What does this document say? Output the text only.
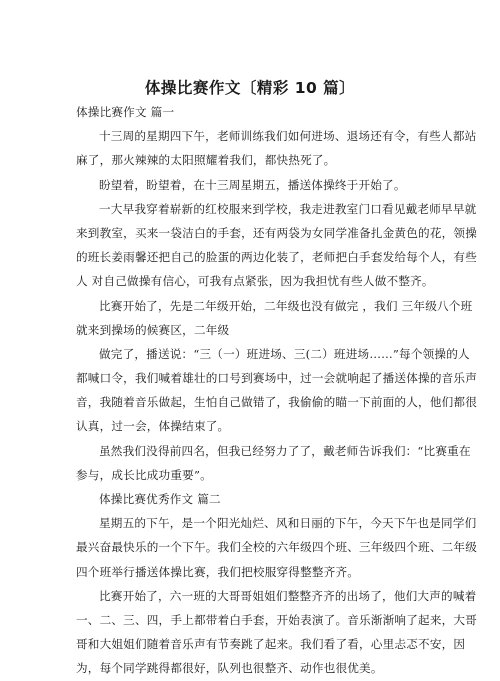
体操比赛作文〔精彩 10 篇〕
体操比赛作文 篇一
十三周的星期四下午，老师训练我们如何进场、退场还有令，有些人都站
麻了，那火辣辣的太阳照耀着我们，都快热死了。
盼望着，盼望着，在十三周星期五，播送体操终于开始了。
一大早我穿着崭新的红校服来到学校，我走进教室门口看见戴老师早早就
来到教室，买来一袋洁白的手套，还有两袋为女同学准备扎金黄色的花，领操
的班长姜雨馨还把自己的脸蛋的两边化装了，老师把白手套发给每个人，有些
人 对自己做操有信心，可我有点紧张，因为我担忧有些人做不整齐。
比赛开始了，先是二年级开始，二年级也没有做完 ，我们 三年级八个班
就来到操场的候赛区，二年级
做完了，播送说：“三（一）班进场、三(二）班进场……”每个领操的人
都喊口令，我们喊着雄壮的口号到赛场中，过一会就响起了播送体操的音乐声
音，我随着音乐做起，生怕自己做错了，我偷偷的瞄一下前面的人，他们都很
认真，过一会，体操结束了。
虽然我们没得前四名，但我已经努力了了，戴老师告诉我们：“比赛重在
参与，成长比成功重要”。
体操比赛优秀作文 篇二
星期五的下午，是一个阳光灿烂、风和日丽的下午，今天下午也是同学们
最兴奋最快乐的一个下午。我们全校的六年级四个班、三年级四个班、二年级
四个班举行播送体操比赛，我们把校服穿得整整齐齐。
比赛开始了，六一班的大哥哥姐姐们整整齐齐的出场了，他们大声的喊着
一、二、三、四，手上都带着白手套，开始表演了。音乐渐渐响了起来，大哥
哥和大姐姐们随着音乐声有节奏跳了起来。我们看了看，心里忐忑不安，因
为，每个同学跳得都很好，队列也很整齐、动作也很优美。
